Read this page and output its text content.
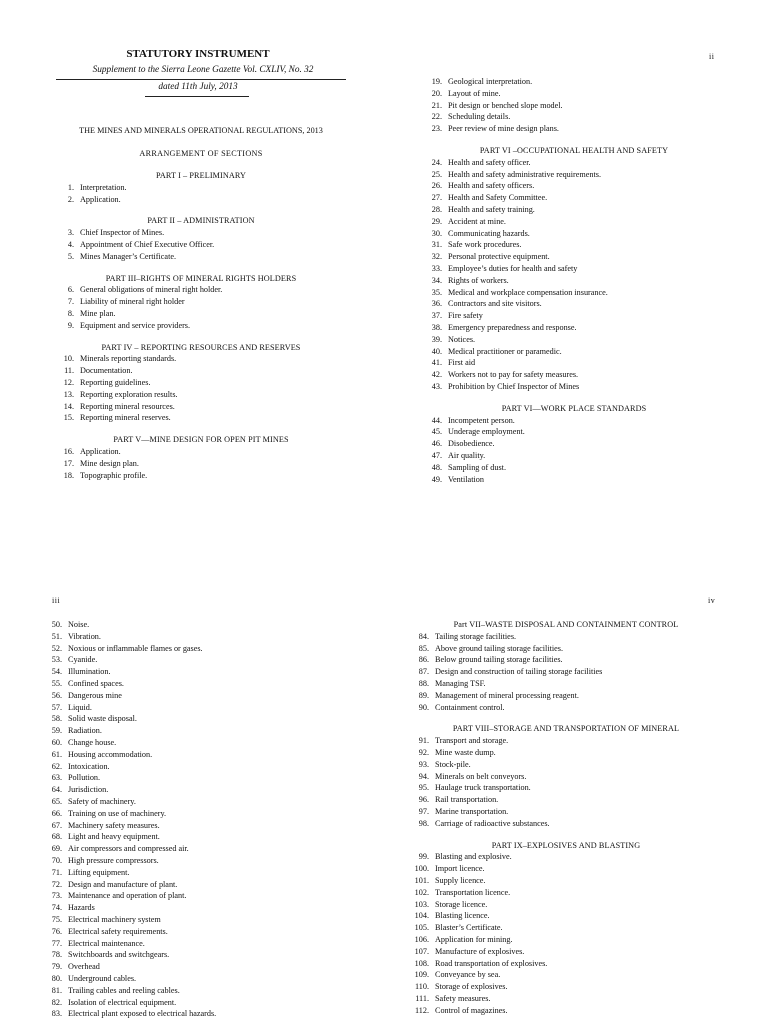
ii
STATUTORY INSTRUMENT
Supplement to the Sierra Leone Gazette Vol. CXLIV, No. 32
dated 11th July, 2013
THE MINES AND MINERALS OPERATIONAL REGULATIONS, 2013
ARRANGEMENT OF SECTIONS
PART I – PRELIMINARY
1. Interpretation.
2. Application.
PART II – ADMINISTRATION
3. Chief Inspector of Mines.
4. Appointment of Chief Executive Officer.
5. Mines Manager’s Certificate.
PART III–RIGHTS OF MINERAL RIGHTS HOLDERS
6. General obligations of mineral right holder.
7. Liability of mineral right holder
8. Mine plan.
9. Equipment and service providers.
PART IV – REPORTING RESOURCES AND RESERVES
10. Minerals reporting standards.
11. Documentation.
12. Reporting guidelines.
13. Reporting exploration results.
14. Reporting mineral resources.
15. Reporting mineral reserves.
PART V—MINE DESIGN FOR OPEN PIT MINES
16. Application.
17. Mine design plan.
18. Topographic profile.
19. Geological interpretation.
20. Layout of mine.
21. Pit design or benched slope model.
22. Scheduling details.
23. Peer review of mine design plans.
PART VI –OCCUPATIONAL HEALTH AND SAFETY
24. Health and safety officer.
25. Health and safety administrative requirements.
26. Health and safety officers.
27. Health and Safety Committee.
28. Health and safety training.
29. Accident at mine.
30. Communicating hazards.
31. Safe work procedures.
32. Personal protective equipment.
33. Employee’s duties for health and safety
34. Rights of workers.
35. Medical and workplace compensation insurance.
36. Contractors and site visitors.
37. Fire safety
38. Emergency preparedness and response.
39. Notices.
40. Medical practitioner or paramedic.
41. First aid
42. Workers not to pay for safety measures.
43. Prohibition by Chief Inspector of Mines
PART VI—WORK PLACE STANDARDS
44. Incompetent person.
45. Underage employment.
46. Disobedience.
47. Air quality.
48. Sampling of dust.
49. Ventilation
iii	iv
50. Noise.
51. Vibration.
52. Noxious or inflammable flames or gases.
53. Cyanide.
54. Illumination.
55. Confined spaces.
56. Dangerous mine
57. Liquid.
58. Solid waste disposal.
59. Radiation.
60. Change house.
61. Housing accommodation.
62. Intoxication.
63. Pollution.
64. Jurisdiction.
65. Safety of machinery.
66. Training on use of machinery.
67. Machinery safety measures.
68. Light and heavy equipment.
69. Air compressors and compressed air.
70. High pressure compressors.
71. Lifting equipment.
72. Design and manufacture of plant.
73. Maintenance and operation of plant.
74. Hazards
75. Electrical machinery system
76. Electrical safety requirements.
77. Electrical maintenance.
78. Switchboards and switchgears.
79. Overhead
80. Underground cables.
81. Trailing cables and reeling cables.
82. Isolation of electrical equipment.
83. Electrical plant exposed to electrical hazards.
Part VII–WASTE DISPOSAL AND CONTAINMENT CONTROL
84. Tailing storage facilities.
85. Above ground tailing storage facilities.
86. Below ground tailing storage facilities.
87. Design and construction of tailing storage facilities
88. Managing TSF.
89. Management of mineral processing reagent.
90. Containment control.
PART VIII–STORAGE AND TRANSPORTATION OF MINERAL
91. Transport and storage.
92. Mine waste dump.
93. Stock-pile.
94. Minerals on belt conveyors.
95. Haulage truck transportation.
96. Rail transportation.
97. Marine transportation.
98. Carriage of radioactive substances.
PART IX–EXPLOSIVES AND BLASTING
99. Blasting and explosive.
100. Import licence.
101. Supply licence.
102. Transportation licence.
103. Storage licence.
104. Blasting licence.
105. Blaster’s Certificate.
106. Application for mining.
107. Manufacture of explosives.
108. Road transportation of explosives.
109. Conveyance by sea.
110. Storage of explosives.
111. Safety measures.
112. Control of magazines.
